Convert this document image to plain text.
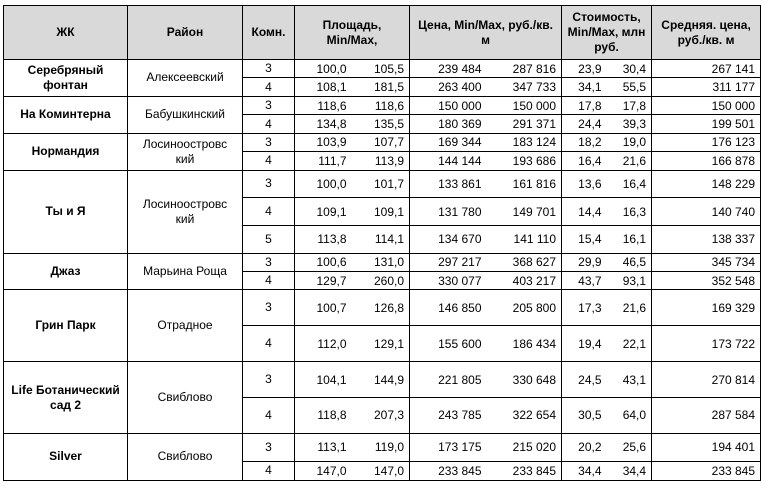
ЖК	Район	Комн.	Площадь, Min/Max,		Цена, Min/Max, руб./кв. м		Стоимость, Min/Max, млн руб.		Средняя. цена, руб./кв. м
Серебряный фонтан	Алексеевский	3	100,0	105,5	239 484	287 816	23,9	30,4	267 141
		4	108,1	181,5	263 400	347 733	34,1	55,5	311 177
На Коминтерна	Бабушкинский	3	118,6	118,6	150 000	150 000	17,8	17,8	150 000
		4	134,8	135,5	180 369	291 371	24,4	39,3	199 501
Нормандия	Лосиноостровс кий	3	103,9	107,7	169 344	183 124	18,2	19,0	176 123
		4	111,7	113,9	144 144	193 686	16,4	21,6	166 878
Ты и Я	Лосиноостровс кий	3	100,0	101,7	133 861	161 816	13,6	16,4	148 229
		4	109,1	109,1	131 780	149 701	14,4	16,3	140 740
		5	113,8	114,1	134 670	141 110	15,4	16,1	138 337
Джаз	Марьина Роща	3	100,6	131,0	297 217	368 627	29,9	46,5	345 734
		4	129,7	260,0	330 077	403 217	43,7	93,1	352 548
Грин Парк	Отрадное	3	100,7	126,8	146 850	205 800	17,3	21,6	169 329
		4	112,0	129,1	155 600	186 434	19,4	22,1	173 722
Life Ботанический сад 2	Свиблово	3	104,1	144,9	221 805	330 648	24,5	43,1	270 814
		4	118,8	207,3	243 785	322 654	30,5	64,0	287 584
Silver	Свиблово	3	113,1	119,0	173 175	215 020	20,2	25,6	194 401
		4	147,0	147,0	233 845	233 845	34,4	34,4	233 845
